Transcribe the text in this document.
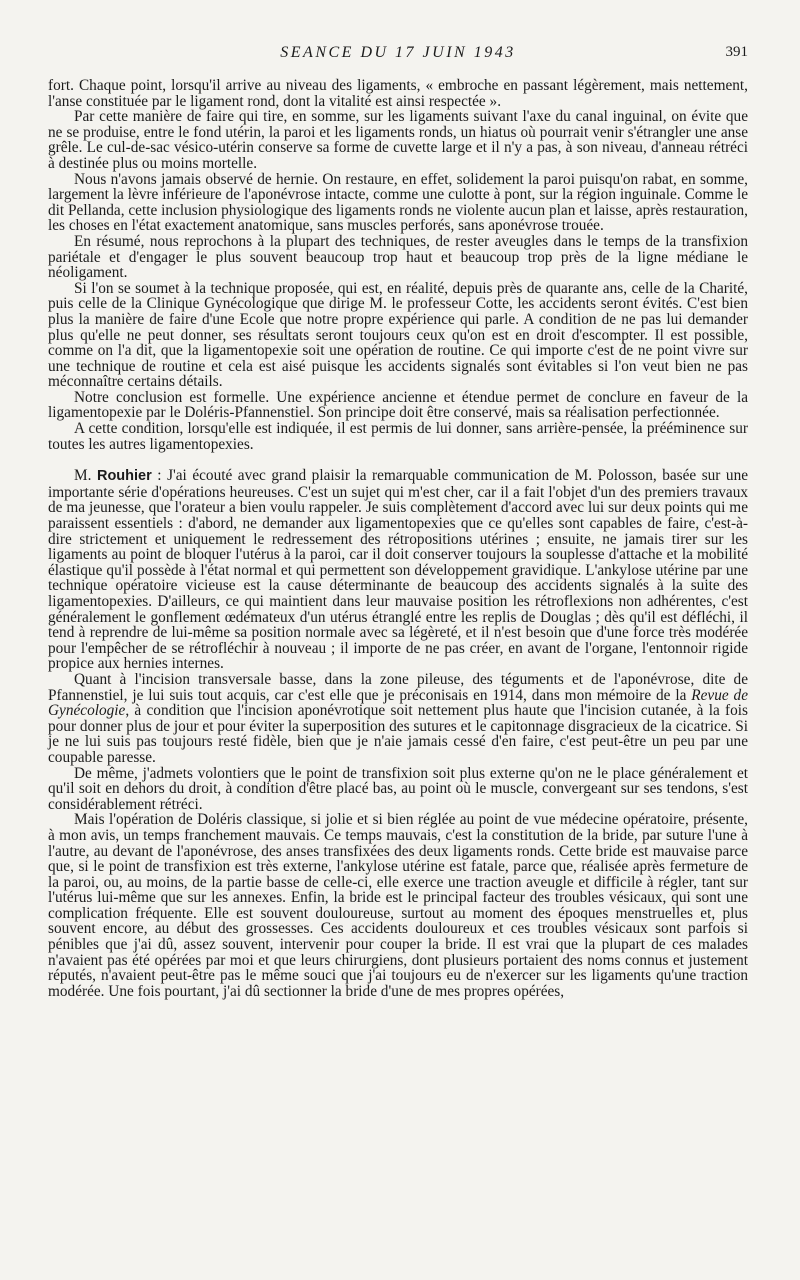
SEANCE DU 17 JUIN 1943	391

fort. Chaque point, lorsqu'il arrive au niveau des ligaments, « embroche en passant légèrement, mais nettement, l'anse constituée par le ligament rond, dont la vitalité est ainsi respectée ».

Par cette manière de faire qui tire, en somme, sur les ligaments suivant l'axe du canal inguinal, on évite que ne se produise, entre le fond utérin, la paroi et les ligaments ronds, un hiatus où pourrait venir s'étrangler une anse grêle. Le cul-de-sac vésico-utérin conserve sa forme de cuvette large et il n'y a pas, à son niveau, d'anneau rétréci à destinée plus ou moins mortelle.

Nous n'avons jamais observé de hernie. On restaure, en effet, solidement la paroi puisqu'on rabat, en somme, largement la lèvre inférieure de l'aponévrose intacte, comme une culotte à pont, sur la région inguinale. Comme le dit Pellanda, cette inclusion physiologique des ligaments ronds ne violente aucun plan et laisse, après restauration, les choses en l'état exactement anatomique, sans muscles perforés, sans aponévrose trouée.

En résumé, nous reprochons à la plupart des techniques, de rester aveugles dans le temps de la transfixion pariétale et d'engager le plus souvent beaucoup trop haut et beaucoup trop près de la ligne médiane le néoligament.

Si l'on se soumet à la technique proposée, qui est, en réalité, depuis près de quarante ans, celle de la Charité, puis celle de la Clinique Gynécologique que dirige M. le professeur Cotte, les accidents seront évités. C'est bien plus la manière de faire d'une Ecole que notre propre expérience qui parle. A condition de ne pas lui demander plus qu'elle ne peut donner, ses résultats seront toujours ceux qu'on est en droit d'escompter. Il est possible, comme on l'a dit, que la ligamentopexie soit une opération de routine. Ce qui importe c'est de ne point vivre sur une technique de routine et cela est aisé puisque les accidents signalés sont évitables si l'on veut bien ne pas méconnaître certains détails.

Notre conclusion est formelle. Une expérience ancienne et étendue permet de conclure en faveur de la ligamentopexie par le Doléris-Pfannenstiel. Son principe doit être conservé, mais sa réalisation perfectionnée.

A cette condition, lorsqu'elle est indiquée, il est permis de lui donner, sans arrière-pensée, la prééminence sur toutes les autres ligamentopexies.

M. Rouhier : J'ai écouté avec grand plaisir la remarquable communication de M. Polosson, basée sur une importante série d'opérations heureuses. C'est un sujet qui m'est cher, car il a fait l'objet d'un des premiers travaux de ma jeunesse, que l'orateur a bien voulu rappeler. Je suis complètement d'accord avec lui sur deux points qui me paraissent essentiels : d'abord, ne demander aux ligamentopexies que ce qu'elles sont capables de faire, c'est-à-dire strictement et uniquement le redressement des rétropositions utérines ; ensuite, ne jamais tirer sur les ligaments au point de bloquer l'utérus à la paroi, car il doit conserver toujours la souplesse d'attache et la mobilité élastique qu'il possède à l'état normal et qui permettent son développement gravidique. L'ankylose utérine par une technique opératoire vicieuse est la cause déterminante de beaucoup des accidents signalés à la suite des ligamentopexies. D'ailleurs, ce qui maintient dans leur mauvaise position les rétroflexions non adhérentes, c'est généralement le gonflement œdémateux d'un utérus étranglé entre les replis de Douglas ; dès qu'il est défléchi, il tend à reprendre de lui-même sa position normale avec sa légèreté, et il n'est besoin que d'une force très modérée pour l'empêcher de se rétrofléchir à nouveau ; il importe de ne pas créer, en avant de l'organe, l'entonnoir rigide propice aux hernies internes.

Quant à l'incision transversale basse, dans la zone pileuse, des téguments et de l'aponévrose, dite de Pfannenstiel, je lui suis tout acquis, car c'est elle que je préconisais en 1914, dans mon mémoire de la Revue de Gynécologie, à condition que l'incision aponévrotique soit nettement plus haute que l'incision cutanée, à la fois pour donner plus de jour et pour éviter la superposition des sutures et le capitonnage disgracieux de la cicatrice. Si je ne lui suis pas toujours resté fidèle, bien que je n'aie jamais cessé d'en faire, c'est peut-être un peu par une coupable paresse.

De même, j'admets volontiers que le point de transfixion soit plus externe qu'on ne le place généralement et qu'il soit en dehors du droit, à condition d'être placé bas, au point où le muscle, convergeant sur ses tendons, s'est considérablement rétréci.

Mais l'opération de Doléris classique, si jolie et si bien réglée au point de vue médecine opératoire, présente, à mon avis, un temps franchement mauvais. Ce temps mauvais, c'est la constitution de la bride, par suture l'une à l'autre, au devant de l'aponévrose, des anses transfixées des deux ligaments ronds. Cette bride est mauvaise parce que, si le point de transfixion est très externe, l'ankylose utérine est fatale, parce que, réalisée après fermeture de la paroi, ou, au moins, de la partie basse de celle-ci, elle exerce une traction aveugle et difficile à régler, tant sur l'utérus lui-même que sur les annexes. Enfin, la bride est le principal facteur des troubles vésicaux, qui sont une complication fréquente. Elle est souvent douloureuse, surtout au moment des époques menstruelles et, plus souvent encore, au début des grossesses. Ces accidents douloureux et ces troubles vésicaux sont parfois si pénibles que j'ai dû, assez souvent, intervenir pour couper la bride. Il est vrai que la plupart de ces malades n'avaient pas été opérées par moi et que leurs chirurgiens, dont plusieurs portaient des noms connus et justement réputés, n'avaient peut-être pas le même souci que j'ai toujours eu de n'exercer sur les ligaments qu'une traction modérée. Une fois pourtant, j'ai dû sectionner la bride d'une de mes propres opérées,
